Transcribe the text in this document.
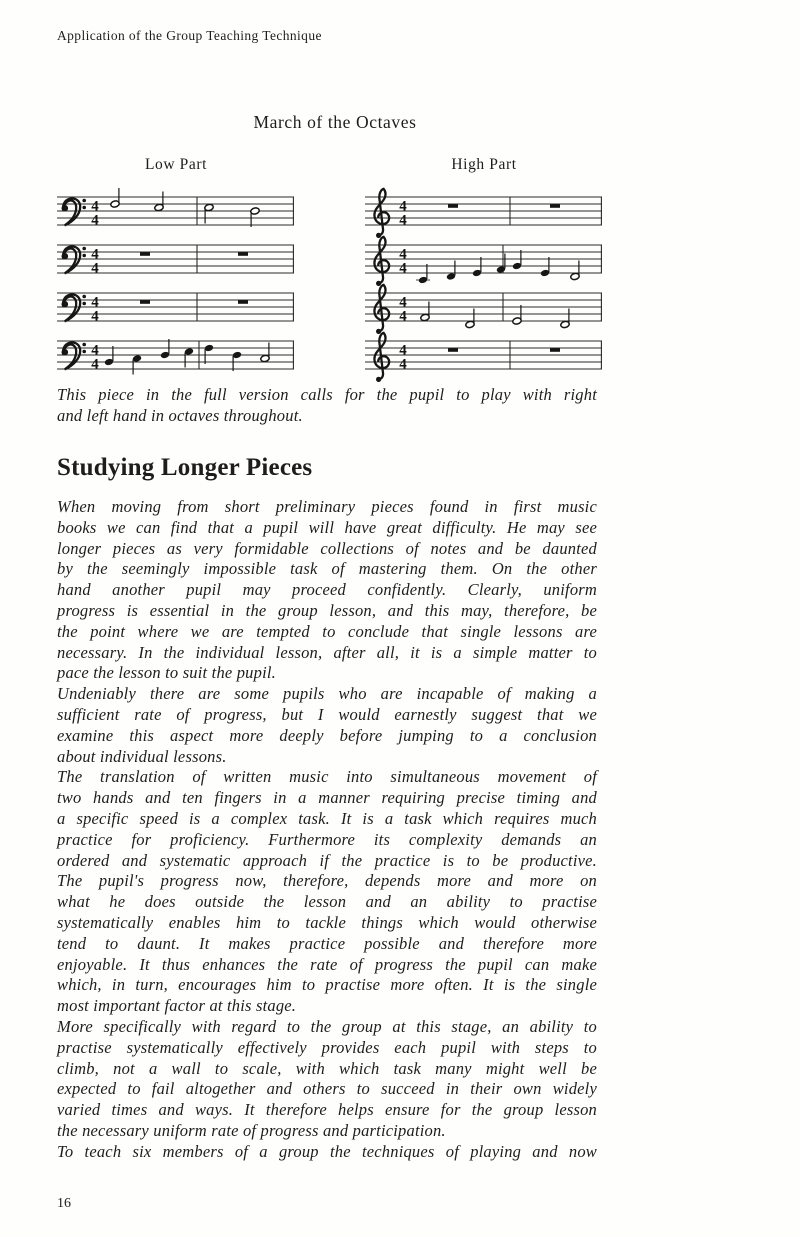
Application of the Group Teaching Technique
March of the Octaves
Low Part	High Part
4
4
4
4
4
4
4
4
4
4
4
4
4
4
4
4
This piece in the full version calls for the pupil to play with right
and left hand in octaves throughout.
Studying Longer Pieces
When moving from short preliminary pieces found in first music
books we can find that a pupil will have great difficulty. He may see
longer pieces as very formidable collections of notes and be daunted
by the seemingly impossible task of mastering them. On the other
hand another pupil may proceed confidently. Clearly, uniform
progress is essential in the group lesson, and this may, therefore, be
the point where we are tempted to conclude that single lessons are
necessary. In the individual lesson, after all, it is a simple matter to
pace the lesson to suit the pupil.
Undeniably there are some pupils who are incapable of making a
sufficient rate of progress, but I would earnestly suggest that we
examine this aspect more deeply before jumping to a conclusion
about individual lessons.
The translation of written music into simultaneous movement of
two hands and ten fingers in a manner requiring precise timing and
a specific speed is a complex task. It is a task which requires much
practice for proficiency. Furthermore its complexity demands an
ordered and systematic approach if the practice is to be productive.
The pupil's progress now, therefore, depends more and more on
what he does outside the lesson and an ability to practise
systematically enables him to tackle things which would otherwise
tend to daunt. It makes practice possible and therefore more
enjoyable. It thus enhances the rate of progress the pupil can make
which, in turn, encourages him to practise more often. It is the single
most important factor at this stage.
More specifically with regard to the group at this stage, an ability to
practise systematically effectively provides each pupil with steps to
climb, not a wall to scale, with which task many might well be
expected to fail altogether and others to succeed in their own widely
varied times and ways. It therefore helps ensure for the group lesson
the necessary uniform rate of progress and participation.
To teach six members of a group the techniques of playing and now
16
